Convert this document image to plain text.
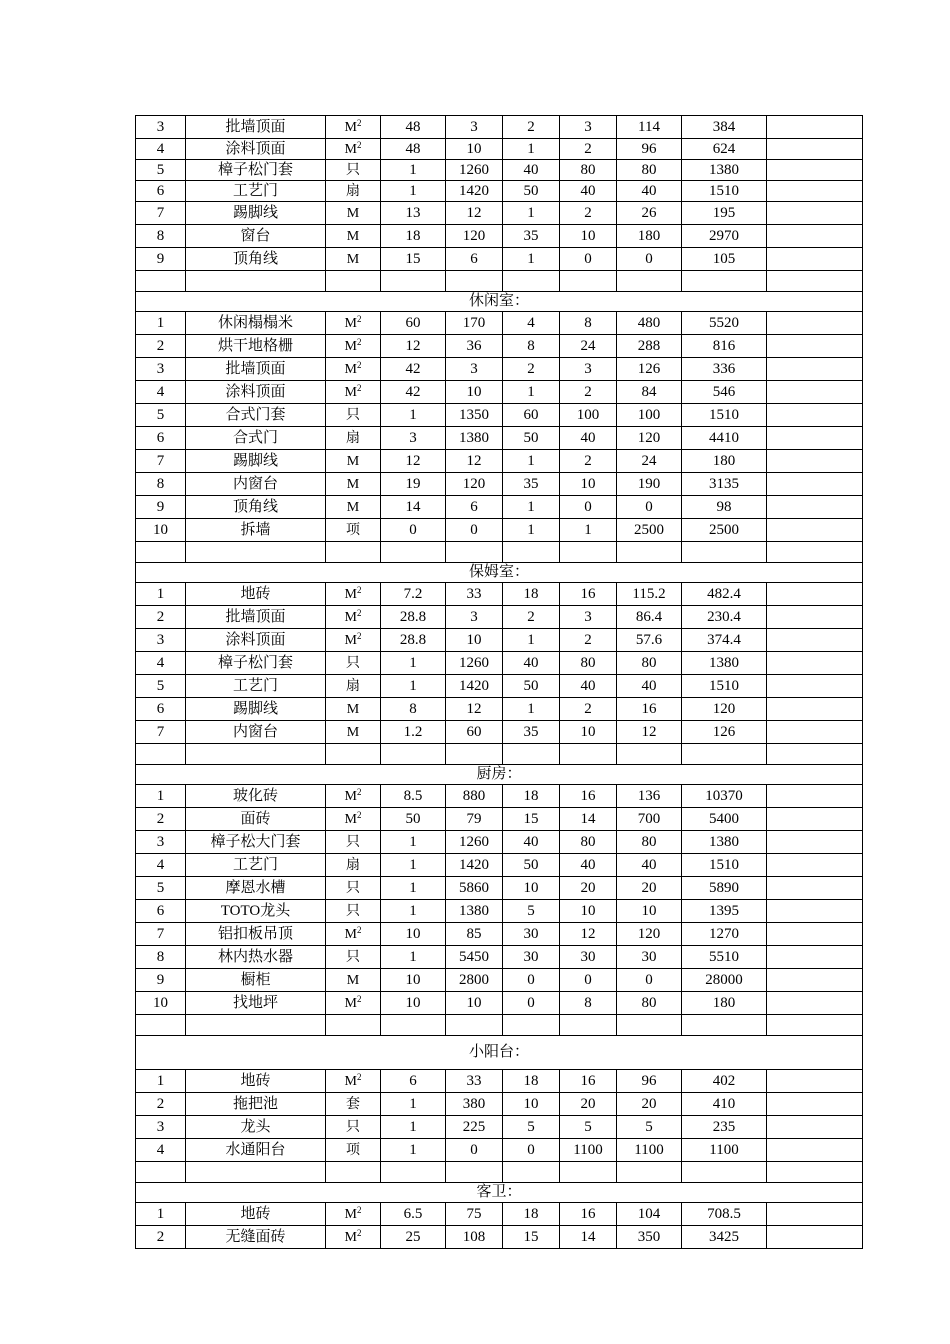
3	批墙顶面	$M^2$	48	3	2	3	114	384	
4	涂料顶面	$M^2$	48	10	1	2	96	624	
5	樟子松门套	只	1	1260	40	80	80	1380	
6	工艺门	扇	1	1420	50	40	40	1510	
7	踢脚线	M	13	12	1	2	26	195	
8	窗台	M	18	120	35	10	180	2970	
9	顶角线	M	15	6	1	0	0	105	

休闲室：									
1	休闲榻榻米	$M^2$	60	170	4	8	480	5520	
2	烘干地格栅	$M^2$	12	36	8	24	288	816	
3	批墙顶面	$M^2$	42	3	2	3	126	336	
4	涂料顶面	$M^2$	42	10	1	2	84	546	
5	合式门套	只	1	1350	60	100	100	1510	
6	合式门	扇	3	1380	50	40	120	4410	
7	踢脚线	M	12	12	1	2	24	180	
8	内窗台	M	19	120	35	10	190	3135	
9	顶角线	M	14	6	1	0	0	98	
10	拆墙	项	0	0	1	1	2500	2500	

保姆室：									
1	地砖	$M^2$	7.2	33	18	16	115.2	482.4	
2	批墙顶面	$M^2$	28.8	3	2	3	86.4	230.4	
3	涂料顶面	$M^2$	28.8	10	1	2	57.6	374.4	
4	樟子松门套	只	1	1260	40	80	80	1380	
5	工艺门	扇	1	1420	50	40	40	1510	
6	踢脚线	M	8	12	1	2	16	120	
7	内窗台	M	1.2	60	35	10	12	126	

厨房：									
1	玻化砖	$M^2$	8.5	880	18	16	136	10370	
2	面砖	$M^2$	50	79	15	14	700	5400	
3	樟子松大门套	只	1	1260	40	80	80	1380	
4	工艺门	扇	1	1420	50	40	40	1510	
5	摩恩水槽	只	1	5860	10	20	20	5890	
6	TOTO龙头	只	1	1380	5	10	10	1395	
7	铝扣板吊顶	$M^2$	10	85	30	12	120	1270	
8	林内热水器	只	1	5450	30	30	30	5510	
9	橱柜	M	10	2800	0	0	0	28000	
10	找地坪	$M^2$	10	10	0	8	80	180	

小阳台：									
1	地砖	$M^2$	6	33	18	16	96	402	
2	拖把池	套	1	380	10	20	20	410	
3	龙头	只	1	225	5	5	5	235	
4	水通阳台	项	1	0	0	1100	1100	1100	

客卫：									
1	地砖	$M^2$	6.5	75	18	16	104	708.5	
2	无缝面砖	$M^2$	25	108	15	14	350	3425	
